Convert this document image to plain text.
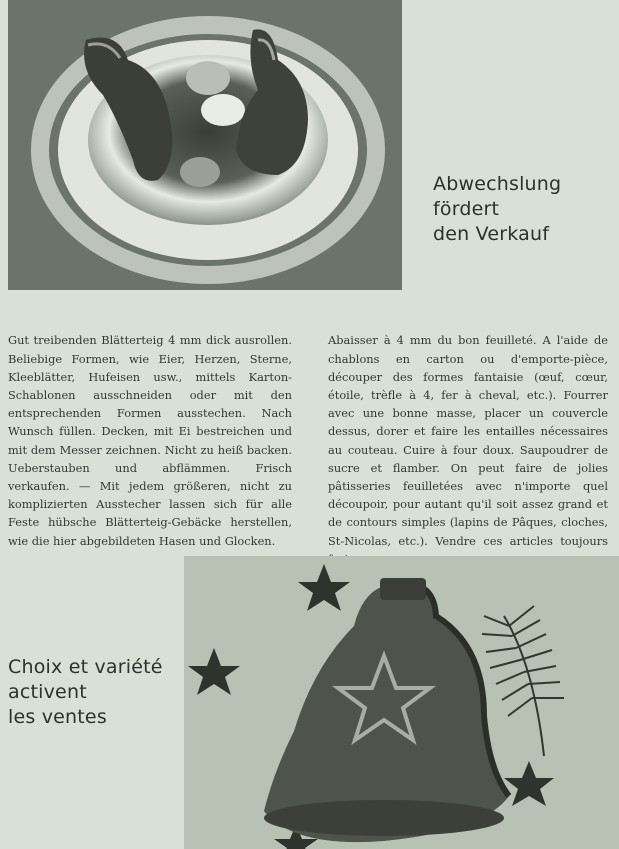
Abwechslung
fördert
den Verkauf

Gut treibenden Blätterteig 4 mm dick ausrollen. Beliebige Formen, wie Eier, Herzen, Sterne, Kleeblätter, Hufeisen usw., mittels Karton-Schablonen ausschneiden oder mit den entsprechenden Formen ausstechen. Nach Wunsch füllen. Decken, mit Ei bestreichen und mit dem Messer zeichnen. Nicht zu heiß backen. Ueberstauben und abflämmen. Frisch verkaufen. — Mit jedem größeren, nicht zu komplizierten Ausstecher lassen sich für alle Feste hübsche Blätterteig-Gebäcke herstellen, wie die hier abgebildeten Hasen und Glocken.

Abaisser à 4 mm du bon feuilleté. A l'aide de chablons en carton ou d'emporte-pièce, découper des formes fantaisie (œuf, cœur, étoile, trèfle à 4, fer à cheval, etc.). Fourrer avec une bonne masse, placer un couvercle dessus, dorer et faire les entailles nécessaires au couteau. Cuire à four doux. Saupoudrer de sucre et flamber. On peut faire de jolies pâtisseries feuilletées avec n'importe quel découpoir, pour autant qu'il soit assez grand et de contours simples (lapins de Pâques, cloches, St-Nicolas, etc.). Vendre ces articles toujours

Choix et variété
activent
les ventes
